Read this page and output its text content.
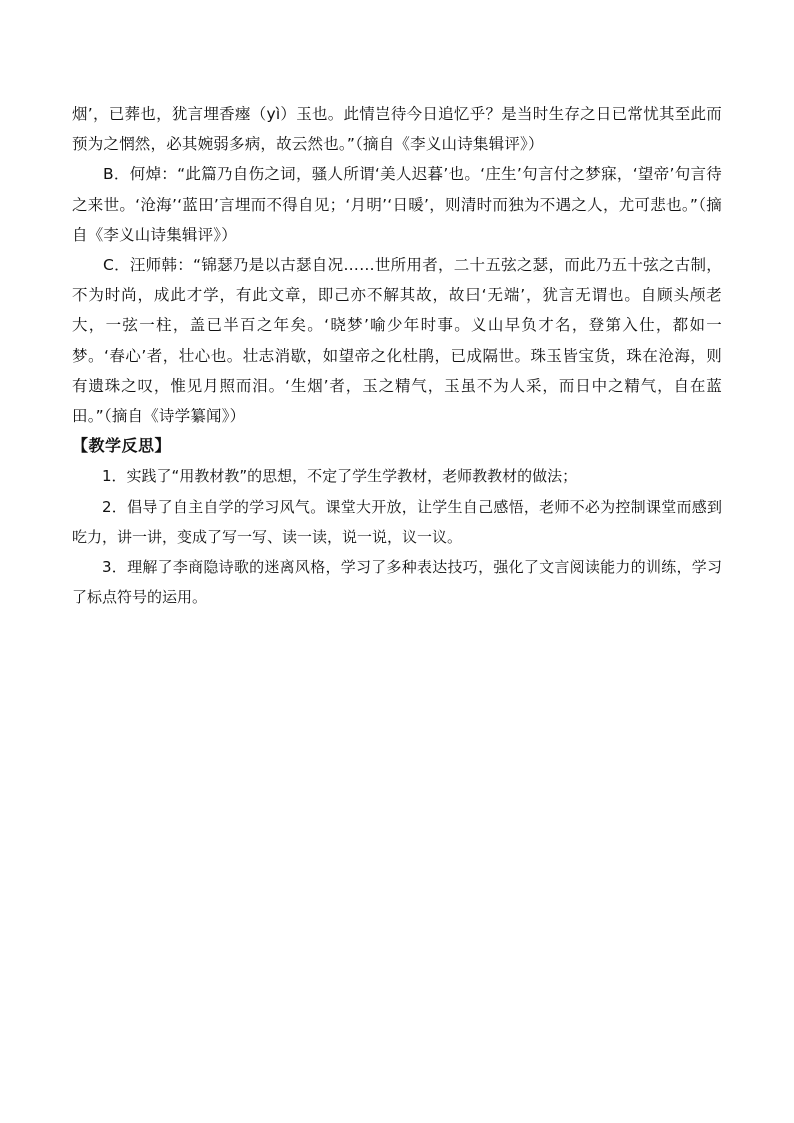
烟’，已葬也，犹言埋香瘞（yì）玉也。此情岂待今日追忆乎？是当时生存之日已常忧其至此而预为之惘然，必其婉弱多病，故云然也。”（摘自《李义山诗集辑评》）

B．何焯：“此篇乃自伤之词，骚人所谓‘美人迟暮’也。‘庄生’句言付之梦寐，‘望帝’句言待之来世。‘沧海’‘蓝田’言埋而不得自见；‘月明’‘日暖’，则清时而独为不遇之人，尤可悲也。”（摘自《李义山诗集辑评》）

C．汪师韩：“锦瑟乃是以古瑟自况……世所用者，二十五弦之瑟，而此乃五十弦之古制，不为时尚，成此才学，有此文章，即己亦不解其故，故曰‘无端’，犹言无谓也。自顾头颅老大，一弦一柱，盖已半百之年矣。‘晓梦’喻少年时事。义山早负才名，登第入仕，都如一梦。‘春心’者，壮心也。壮志消歇，如望帝之化杜鹃，已成隔世。珠玉皆宝货，珠在沧海，则有遗珠之叹，惟见月照而泪。‘生烟’者，玉之精气，玉虽不为人采，而日中之精气，自在蓝田。”（摘自《诗学纂闻》）

【教学反思】

1．实践了“用教材教”的思想，不定了学生学教材，老师教教材的做法；

2．倡导了自主自学的学习风气。课堂大开放，让学生自己感悟，老师不必为控制课堂而感到吃力，讲一讲，变成了写一写、读一读，说一说，议一议。

3．理解了李商隐诗歌的迷离风格，学习了多种表达技巧，强化了文言阅读能力的训练，学习了标点符号的运用。
